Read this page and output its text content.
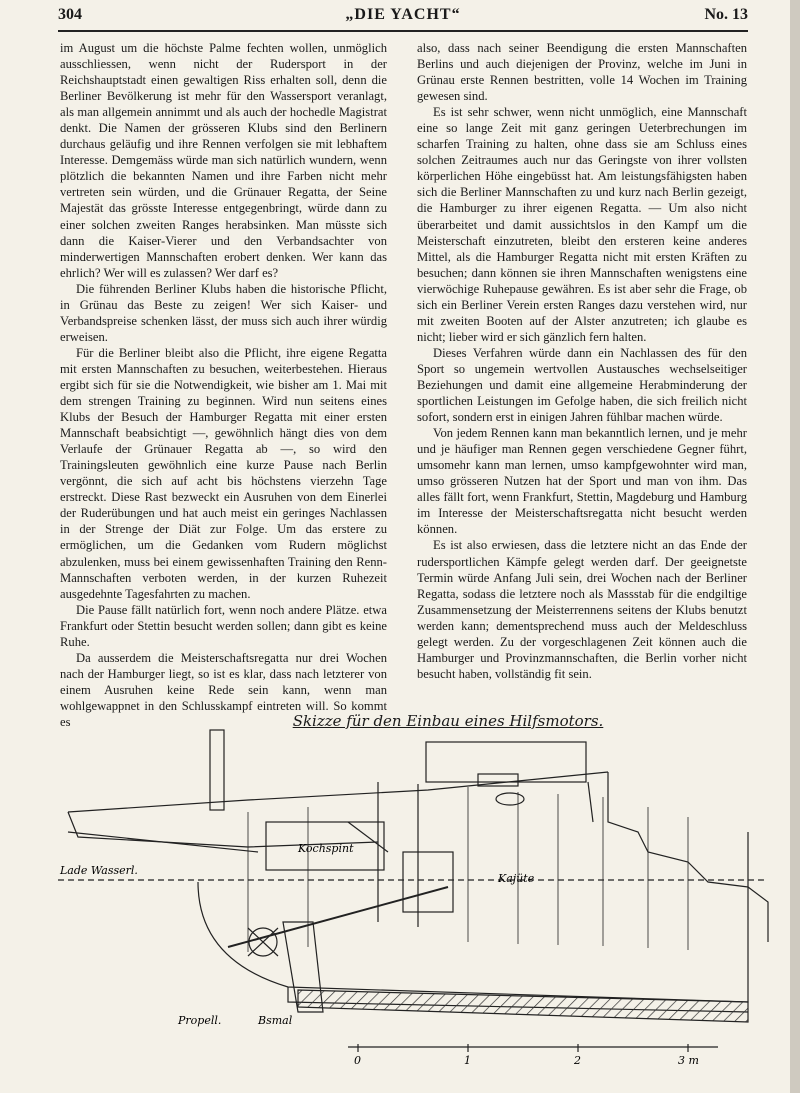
304	„DIE YACHT“	No. 13

im August um die höchste Palme fechten wollen, unmöglich ausschliessen, wenn nicht der Rudersport in der Reichshauptstadt einen gewaltigen Riss erhalten soll, denn die Berliner Bevölkerung ist mehr für den Wassersport veranlagt, als man allgemein annimmt und als auch der hochedle Magistrat denkt. Die Namen der grösseren Klubs sind den Berlinern durchaus geläufig und ihre Rennen verfolgen sie mit lebhaftem Interesse. Demgemäss würde man sich natürlich wundern, wenn plötzlich die bekannten Namen und ihre Farben nicht mehr vertreten sein würden, und die Grünauer Regatta, der Seine Majestät das grösste Interesse entgegenbringt, würde dann zu einer solchen zweiten Ranges herabsinken. Man müsste sich dann die Kaiser-Vierer und den Verbandsachter von minderwertigen Mannschaften erobert denken. Wer kann das ehrlich? Wer will es zulassen? Wer darf es?

Die führenden Berliner Klubs haben die historische Pflicht, in Grünau das Beste zu zeigen! Wer sich Kaiser- und Verbandspreise schenken lässt, der muss sich auch ihrer würdig erweisen.

Für die Berliner bleibt also die Pflicht, ihre eigene Regatta mit ersten Mannschaften zu besuchen, weiterbestehen. Hieraus ergibt sich für sie die Notwendigkeit, wie bisher am 1. Mai mit dem strengen Training zu beginnen. Wird nun seitens eines Klubs der Besuch der Hamburger Regatta mit einer ersten Mannschaft beabsichtigt —, gewöhnlich hängt dies von dem Verlaufe der Grünauer Regatta ab —, so wird den Trainingsleuten gewöhnlich eine kurze Pause nach Berlin vergönnt, die sich auf acht bis höchstens vierzehn Tage erstreckt. Diese Rast bezweckt ein Ausruhen von dem Einerlei der Ruderübungen und hat auch meist ein geringes Nachlassen in der Strenge der Diät zur Folge. Um das erstere zu ermöglichen, um die Gedanken vom Rudern möglichst abzulenken, muss bei einem gewissenhaften Training den Renn-Mannschaften verboten werden, in der kurzen Ruhezeit ausgedehnte Tagesfahrten zu machen.

Die Pause fällt natürlich fort, wenn noch andere Plätze. etwa Frankfurt oder Stettin besucht werden sollen; dann gibt es keine Ruhe.

Da ausserdem die Meisterschaftsregatta nur drei Wochen nach der Hamburger liegt, so ist es klar, dass nach letzterer von einem Ausruhen keine Rede sein kann, wenn man wohlgewappnet in den Schlusskampf eintreten will. So kommt es

also, dass nach seiner Beendigung die ersten Mannschaften Berlins und auch diejenigen der Provinz, welche im Juni in Grünau erste Rennen bestritten, volle 14 Wochen im Training gewesen sind.

Es ist sehr schwer, wenn nicht unmöglich, eine Mannschaft eine so lange Zeit mit ganz geringen Ueterbrechungen im scharfen Training zu halten, ohne dass sie am Schluss eines solchen Zeitraumes auch nur das Geringste von ihrer vollsten körperlichen Höhe eingebüsst hat. Am leistungsfähigsten haben sich die Berliner Mannschaften zu und kurz nach Berlin gezeigt, die Hamburger zu ihrer eigenen Regatta. — Um also nicht überarbeitet und damit aussichtslos in den Kampf um die Meisterschaft einzutreten, bleibt den ersteren keine anderes Mittel, als die Hamburger Regatta nicht mit ersten Kräften zu besuchen; dann können sie ihren Mannschaften wenigstens eine vierwöchige Ruhepause gewähren. Es ist aber sehr die Frage, ob sich ein Berliner Verein ersten Ranges dazu verstehen wird, nur mit zweiten Booten auf der Alster anzutreten; ich glaube es nicht; lieber wird er sich gänzlich fern halten.

Dieses Verfahren würde dann ein Nachlassen des für den Sport so ungemein wertvollen Austausches wechselseitiger Beziehungen und damit eine allgemeine Herabminderung der sportlichen Leistungen im Gefolge haben, die sich freilich nicht sofort, sondern erst in einigen Jahren fühlbar machen würde.

Von jedem Rennen kann man bekanntlich lernen, und je mehr und je häufiger man Rennen gegen verschiedene Gegner führt, umsomehr kann man lernen, umso kampfgewohnter wird man, umso grösseren Nutzen hat der Sport und man von ihm. Das alles fällt fort, wenn Frankfurt, Stettin, Magdeburg und Hamburg im Interesse der Meisterschaftsregatta nicht besucht werden können.

Es ist also erwiesen, dass die letztere nicht an das Ende der rudersportlichen Kämpfe gelegt werden darf. Der geeignetste Termin würde Anfang Juli sein, drei Wochen nach der Berliner Regatta, sodass die letztere noch als Massstab für die endgiltige Zusammensetzung der Meisterrennens seitens der Klubs benutzt werden kann; dementsprechend muss auch der Meldeschluss gelegt werden. Zu der vorgeschlagenen Zeit können auch die Hamburger und Provinzmannschaften, die Berlin vorher nicht besucht haben, vollständig fit sein.

Skizze für den Einbau eines Hilfsmotors.
Kochspint
Kajüte
Lade Wasserl.
Propell.	Bsmal
0	1	2	3 m
